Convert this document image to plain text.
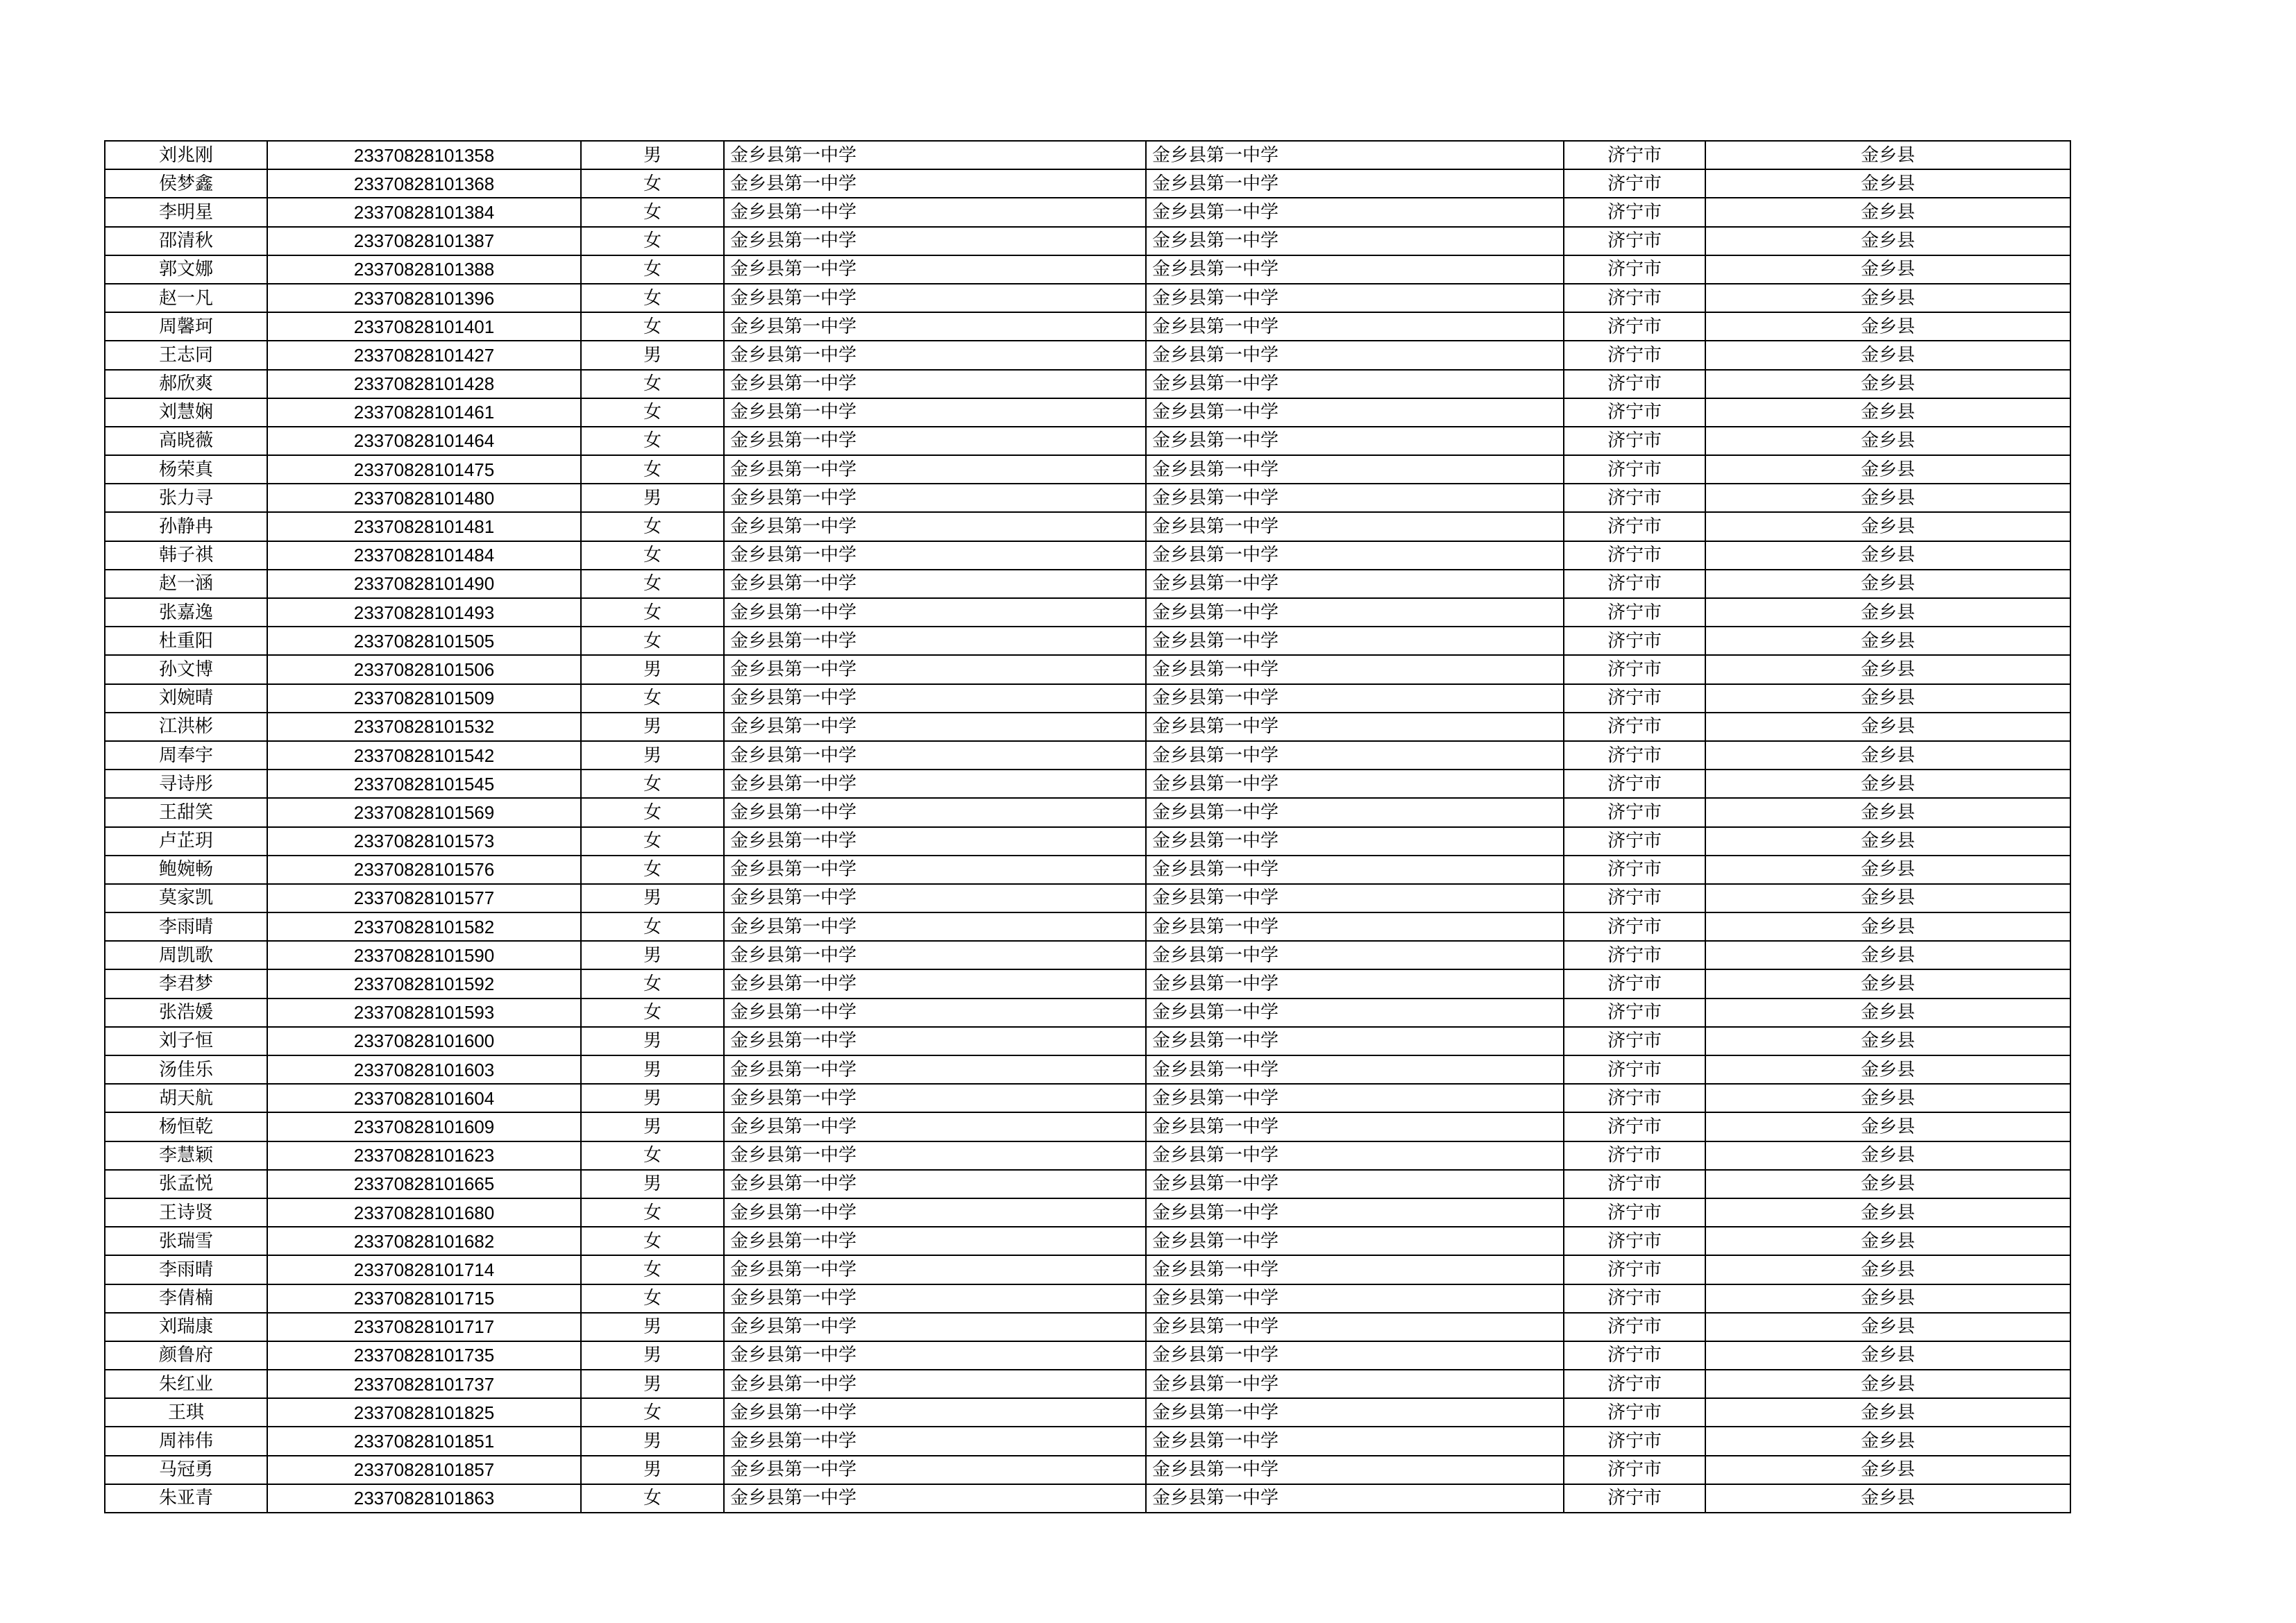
刘兆刚	23370828101358	男	金乡县第一中学	金乡县第一中学	济宁市	金乡县
侯梦鑫	23370828101368	女	金乡县第一中学	金乡县第一中学	济宁市	金乡县
李明星	23370828101384	女	金乡县第一中学	金乡县第一中学	济宁市	金乡县
邵清秋	23370828101387	女	金乡县第一中学	金乡县第一中学	济宁市	金乡县
郭文娜	23370828101388	女	金乡县第一中学	金乡县第一中学	济宁市	金乡县
赵一凡	23370828101396	女	金乡县第一中学	金乡县第一中学	济宁市	金乡县
周馨珂	23370828101401	女	金乡县第一中学	金乡县第一中学	济宁市	金乡县
王志同	23370828101427	男	金乡县第一中学	金乡县第一中学	济宁市	金乡县
郝欣爽	23370828101428	女	金乡县第一中学	金乡县第一中学	济宁市	金乡县
刘慧娴	23370828101461	女	金乡县第一中学	金乡县第一中学	济宁市	金乡县
高晓薇	23370828101464	女	金乡县第一中学	金乡县第一中学	济宁市	金乡县
杨荣真	23370828101475	女	金乡县第一中学	金乡县第一中学	济宁市	金乡县
张力寻	23370828101480	男	金乡县第一中学	金乡县第一中学	济宁市	金乡县
孙静冉	23370828101481	女	金乡县第一中学	金乡县第一中学	济宁市	金乡县
韩子祺	23370828101484	女	金乡县第一中学	金乡县第一中学	济宁市	金乡县
赵一涵	23370828101490	女	金乡县第一中学	金乡县第一中学	济宁市	金乡县
张嘉逸	23370828101493	女	金乡县第一中学	金乡县第一中学	济宁市	金乡县
杜重阳	23370828101505	女	金乡县第一中学	金乡县第一中学	济宁市	金乡县
孙文博	23370828101506	男	金乡县第一中学	金乡县第一中学	济宁市	金乡县
刘婉晴	23370828101509	女	金乡县第一中学	金乡县第一中学	济宁市	金乡县
江洪彬	23370828101532	男	金乡县第一中学	金乡县第一中学	济宁市	金乡县
周奉宇	23370828101542	男	金乡县第一中学	金乡县第一中学	济宁市	金乡县
寻诗彤	23370828101545	女	金乡县第一中学	金乡县第一中学	济宁市	金乡县
王甜笑	23370828101569	女	金乡县第一中学	金乡县第一中学	济宁市	金乡县
卢芷玥	23370828101573	女	金乡县第一中学	金乡县第一中学	济宁市	金乡县
鲍婉畅	23370828101576	女	金乡县第一中学	金乡县第一中学	济宁市	金乡县
莫家凯	23370828101577	男	金乡县第一中学	金乡县第一中学	济宁市	金乡县
李雨晴	23370828101582	女	金乡县第一中学	金乡县第一中学	济宁市	金乡县
周凯歌	23370828101590	男	金乡县第一中学	金乡县第一中学	济宁市	金乡县
李君梦	23370828101592	女	金乡县第一中学	金乡县第一中学	济宁市	金乡县
张浩媛	23370828101593	女	金乡县第一中学	金乡县第一中学	济宁市	金乡县
刘子恒	23370828101600	男	金乡县第一中学	金乡县第一中学	济宁市	金乡县
汤佳乐	23370828101603	男	金乡县第一中学	金乡县第一中学	济宁市	金乡县
胡天航	23370828101604	男	金乡县第一中学	金乡县第一中学	济宁市	金乡县
杨恒乾	23370828101609	男	金乡县第一中学	金乡县第一中学	济宁市	金乡县
李慧颖	23370828101623	女	金乡县第一中学	金乡县第一中学	济宁市	金乡县
张孟悦	23370828101665	男	金乡县第一中学	金乡县第一中学	济宁市	金乡县
王诗贤	23370828101680	女	金乡县第一中学	金乡县第一中学	济宁市	金乡县
张瑞雪	23370828101682	女	金乡县第一中学	金乡县第一中学	济宁市	金乡县
李雨晴	23370828101714	女	金乡县第一中学	金乡县第一中学	济宁市	金乡县
李倩楠	23370828101715	女	金乡县第一中学	金乡县第一中学	济宁市	金乡县
刘瑞康	23370828101717	男	金乡县第一中学	金乡县第一中学	济宁市	金乡县
颜鲁府	23370828101735	男	金乡县第一中学	金乡县第一中学	济宁市	金乡县
朱红业	23370828101737	男	金乡县第一中学	金乡县第一中学	济宁市	金乡县
王琪	23370828101825	女	金乡县第一中学	金乡县第一中学	济宁市	金乡县
周祎伟	23370828101851	男	金乡县第一中学	金乡县第一中学	济宁市	金乡县
马冠勇	23370828101857	男	金乡县第一中学	金乡县第一中学	济宁市	金乡县
朱亚青	23370828101863	女	金乡县第一中学	金乡县第一中学	济宁市	金乡县
